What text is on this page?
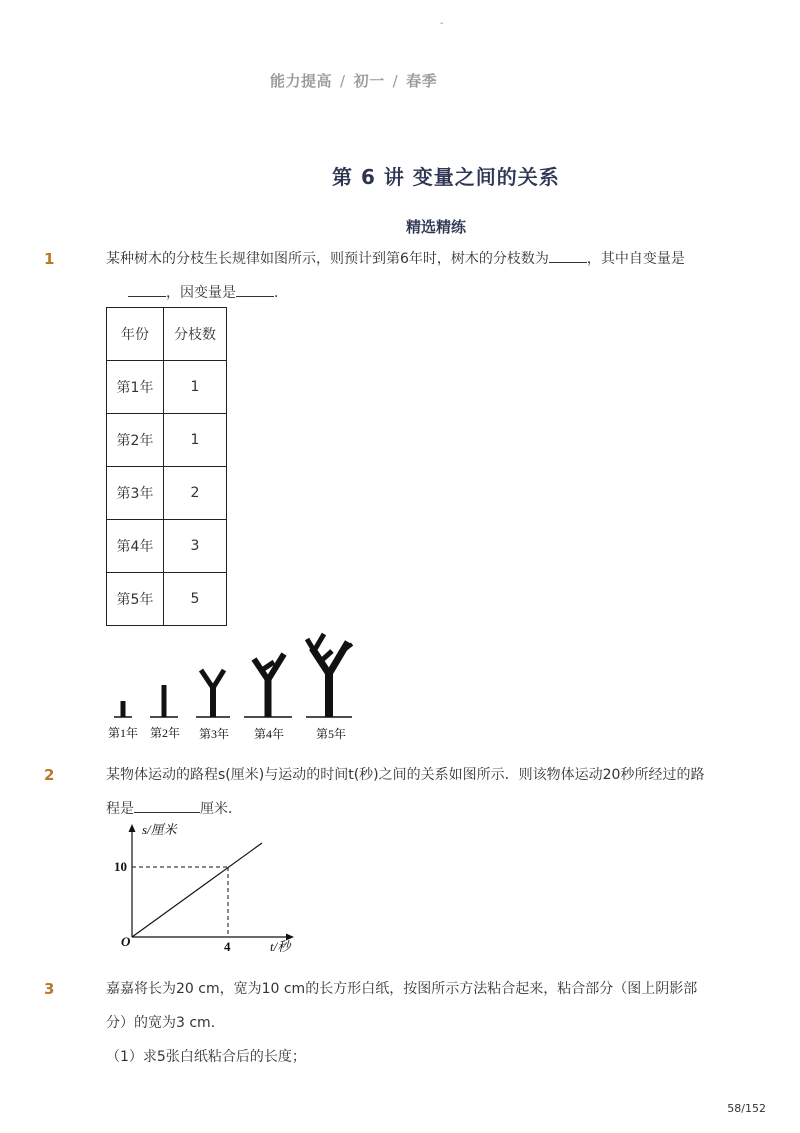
-
能力提高 / 初一 / 春季
第 6 讲 变量之间的关系
精选精练
1	某种树木的分枝生长规律如图所示，则预计到第6年时，树木的分枝数为	，其中自变量是
，因变量是	．
年份	分枝数
第1年	1
第2年	1
第3年	2
第4年	3
第5年	5
第1年 第2年 第3年 第4年	第5年
2	某物体运动的路程s(厘米)与运动的时间t(秒)之间的关系如图所示．则该物体运动20秒所经过的路
程是	厘米．
s/厘米
10
O	4	t/秒
3	嘉嘉将长为20 cm，宽为10 cm的长方形白纸，按图所示方法粘合起来，粘合部分（图上阴影部
分）的宽为3 cm．
（1）求5张白纸粘合后的长度；
58/152
